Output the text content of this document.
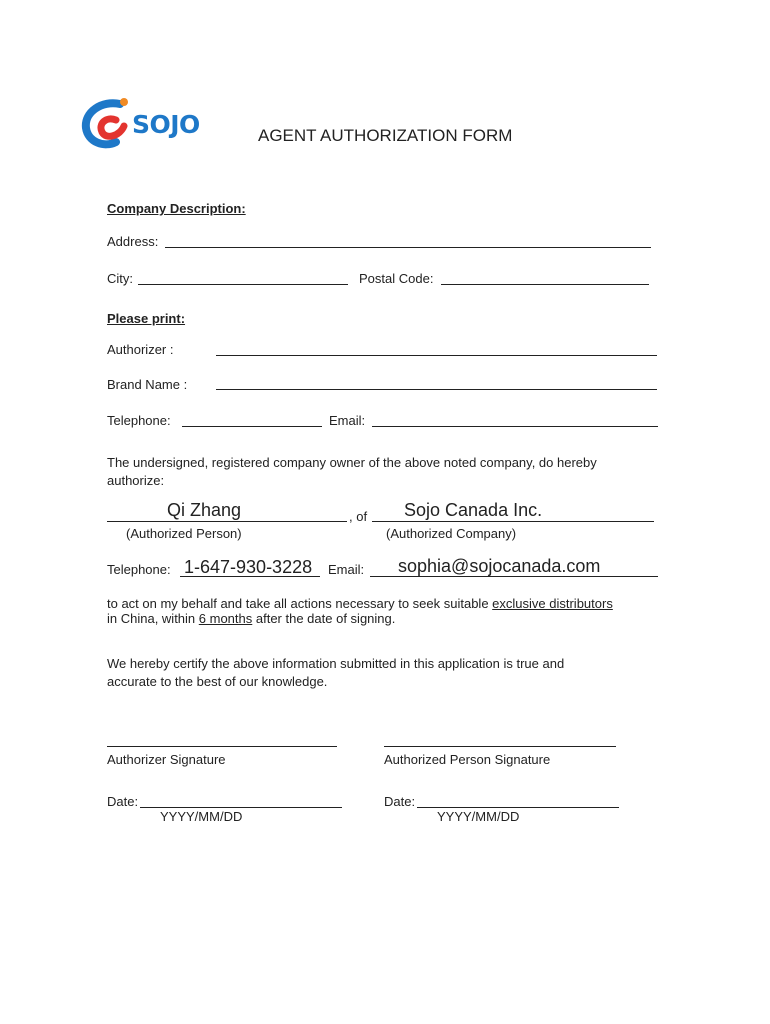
SOJO	AGENT AUTHORIZATION FORM
Company Description:
Address:
City:	Postal Code:
Please print:
Authorizer :
Brand Name :
Telephone:	Email:
The undersigned, registered company owner of the above noted company, do hereby
authorize:
Qi Zhang	, of Sojo Canada Inc.
(Authorized Person)	(Authorized Company)
Telephone: 1-647-930-3228 Email: sophia@sojocanada.com
to act on my behalf and take all actions necessary to seek suitable exclusive distributors
in China, within 6 months after the date of signing.
We hereby certify the above information submitted in this application is true and
accurate to the best of our knowledge.
Authorizer Signature	Authorized Person Signature
Date:
YYYY/MM/DD
Date:
YYYY/MM/DD
